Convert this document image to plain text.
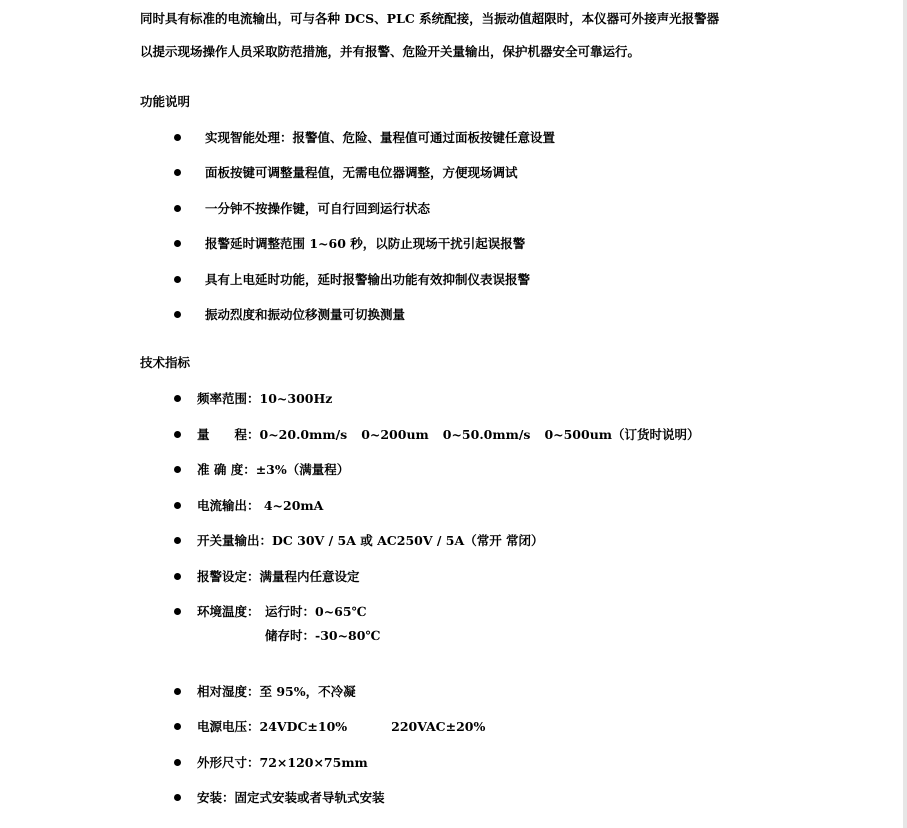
同时具有标准的电流输出，可与各种 DCS、PLC 系统配接，当振动值超限时，本仪器可外接声光报警器
以提示现场操作人员采取防范措施，并有报警、危险开关量输出，保护机器安全可靠运行。
功能说明
实现智能处理：报警值、危险、量程值可通过面板按键任意设置
面板按键可调整量程值，无需电位器调整，方便现场调试
一分钟不按操作键，可自行回到运行状态
报警延时调整范围 1~60 秒，以防止现场干扰引起误报警
具有上电延时功能，延时报警输出功能有效抑制仪表误报警
振动烈度和振动位移测量可切换测量
技术指标
频率范围：10~300Hz
量　　程：0~20.0mm/s 0~200um 0~50.0mm/s 0~500um（订货时说明）
准 确 度：±3%（满量程）
电流输出： 4~20mA
开关量输出：DC 30V / 5A 或 AC250V / 5A（常开 常闭）
报警设定：满量程内任意设定
环境温度： 运行时：0~65℃
储存时：-30~80℃
相对湿度：至 95%，不冷凝
电源电压：24VDC±10%	220VAC±20%
外形尺寸：72×120×75mm
安装：固定式安装或者导轨式安装
